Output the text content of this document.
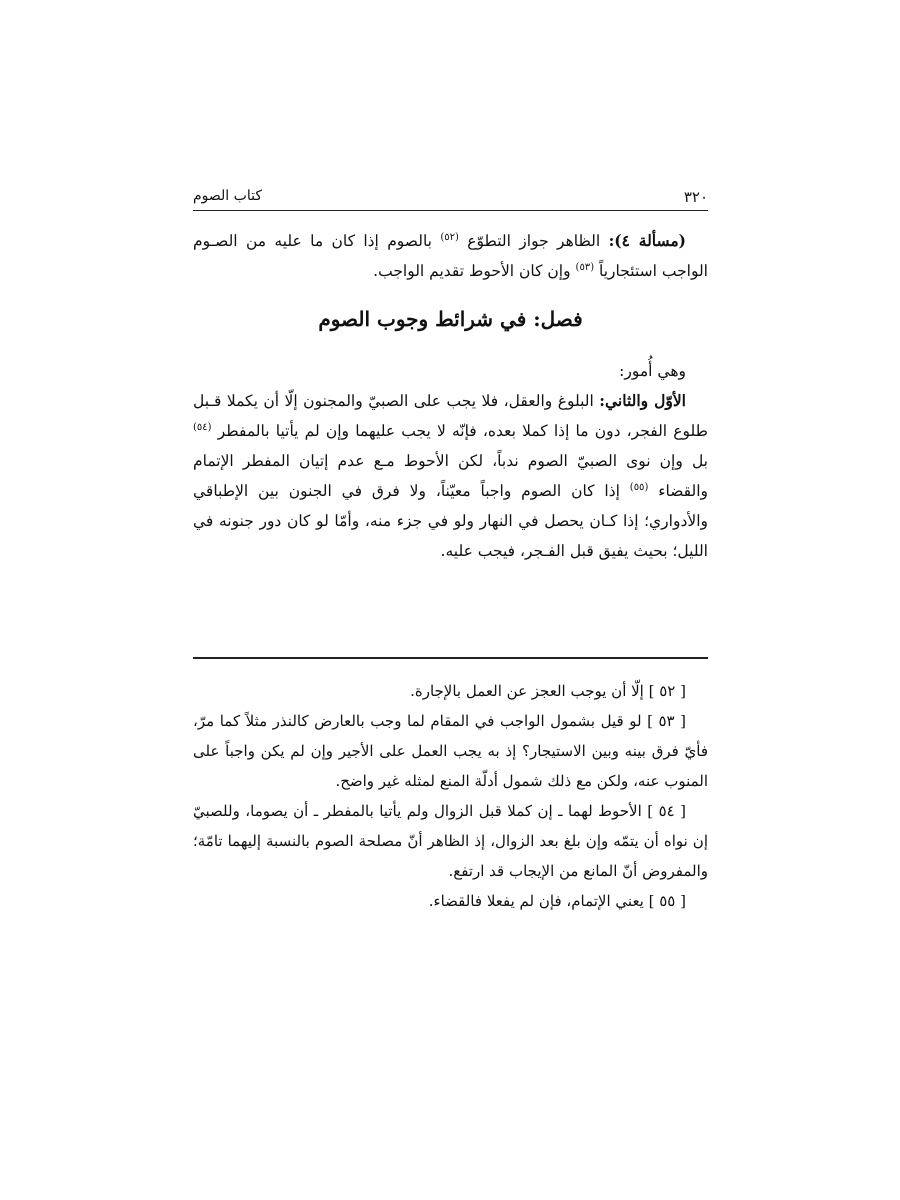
٣٢٠
كتاب الصوم

(مسألة ٤): الظاهر جواز التطوّع $^{(٥٢)}$ بالصوم إذا كان ما عليه من الصـوم الواجب استئجارياً $^{(٥٣)}$ وإن كان الأحوط تقديم الواجب.

فصل: في شرائط وجوب الصوم

وهي أُمور:

الأوّل والثاني: البلوغ والعقل، فلا يجب على الصبيّ والمجنون إلّا أن يكملا قـبل طلوع الفجر، دون ما إذا كملا بعده، فإنّه لا يجب عليهما وإن لم يأتيا بالمفطر $^{(٥٤)}$ بل وإن نوى الصبيّ الصوم ندباً، لكن الأحوط مـع عدم إتيان المفطر الإتمام والقضاء $^{(٥٥)}$ إذا كان الصوم واجباً معيّناً، ولا فرق في الجنون بين الإطباقي والأدواري؛ إذا كـان يحصل في النهار ولو في جزء منه، وأمّا لو كان دور جنونه في الليل؛ بحيث يفيق قبل الفـجر، فيجب عليه.

[ ٥٢ ] إلّا أن يوجب العجز عن العمل بالإجارة.

[ ٥٣ ] لو قيل بشمول الواجب في المقام لما وجب بالعارض كالنذر مثلاً كما مرّ، فأيّ فرق بينه وبين الاستيجار؟ إذ به يجب العمل على الأجير وإن لم يكن واجباً على المنوب عنه، ولكن مع ذلك شمول أدلّة المنع لمثله غير واضح.

[ ٥٤ ] الأحوط لهما ـ إن كملا قبل الزوال ولم يأتيا بالمفطر ـ أن يصوما، وللصبيّ إن نواه أن يتمّه وإن بلغ بعد الزوال، إذ الظاهر أنّ مصلحة الصوم بالنسبة إليهما تامّة؛ والمفروض أنّ المانع من الإيجاب قد ارتفع.

[ ٥٥ ] يعني الإتمام، فإن لم يفعلا فالقضاء.
